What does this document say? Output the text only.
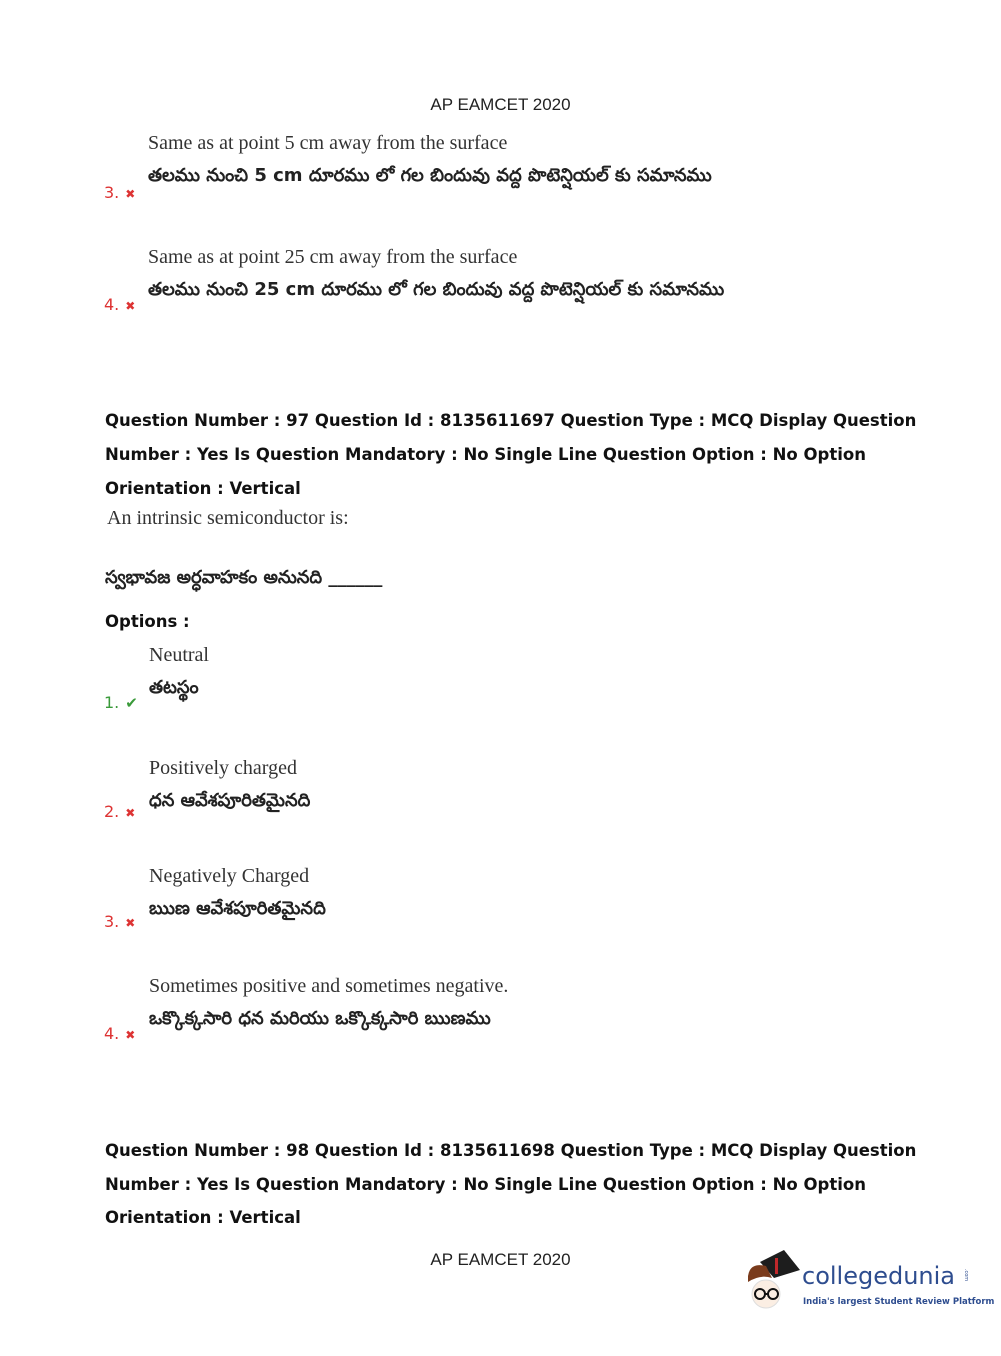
AP EAMCET 2020
Same as at point 5 cm away from the surface
తలము నుంచి 5 cm దూరము లో గల బిందువు వద్ద పొటెన్షియల్ కు సమానము
3. ✖
Same as at point 25 cm away from the surface
తలము నుంచి 25 cm దూరము లో గల బిందువు వద్ద పొటెన్షియల్ కు సమానము
4. ✖
Question Number : 97 Question Id : 8135611697 Question Type : MCQ Display Question
Number : Yes Is Question Mandatory : No Single Line Question Option : No Option
Orientation : Vertical
An intrinsic semiconductor is:
స్వభావజ అర్ధవాహకం అనునది ______
Options :
Neutral
తటస్థం
1. ✔
Positively charged
ధన ఆవేశపూరితమైనది
2. ✖
Negatively Charged
ఋణ ఆవేశపూరితమైనది
3. ✖
Sometimes positive and sometimes negative.
ఒక్కొక్కసారి ధన మరియు ఒక్కొక్కసారి ఋణము
4. ✖
Question Number : 98 Question Id : 8135611698 Question Type : MCQ Display Question
Number : Yes Is Question Mandatory : No Single Line Question Option : No Option
Orientation : Vertical
AP EAMCET 2020
collegedunia .com
India's largest Student Review Platform
